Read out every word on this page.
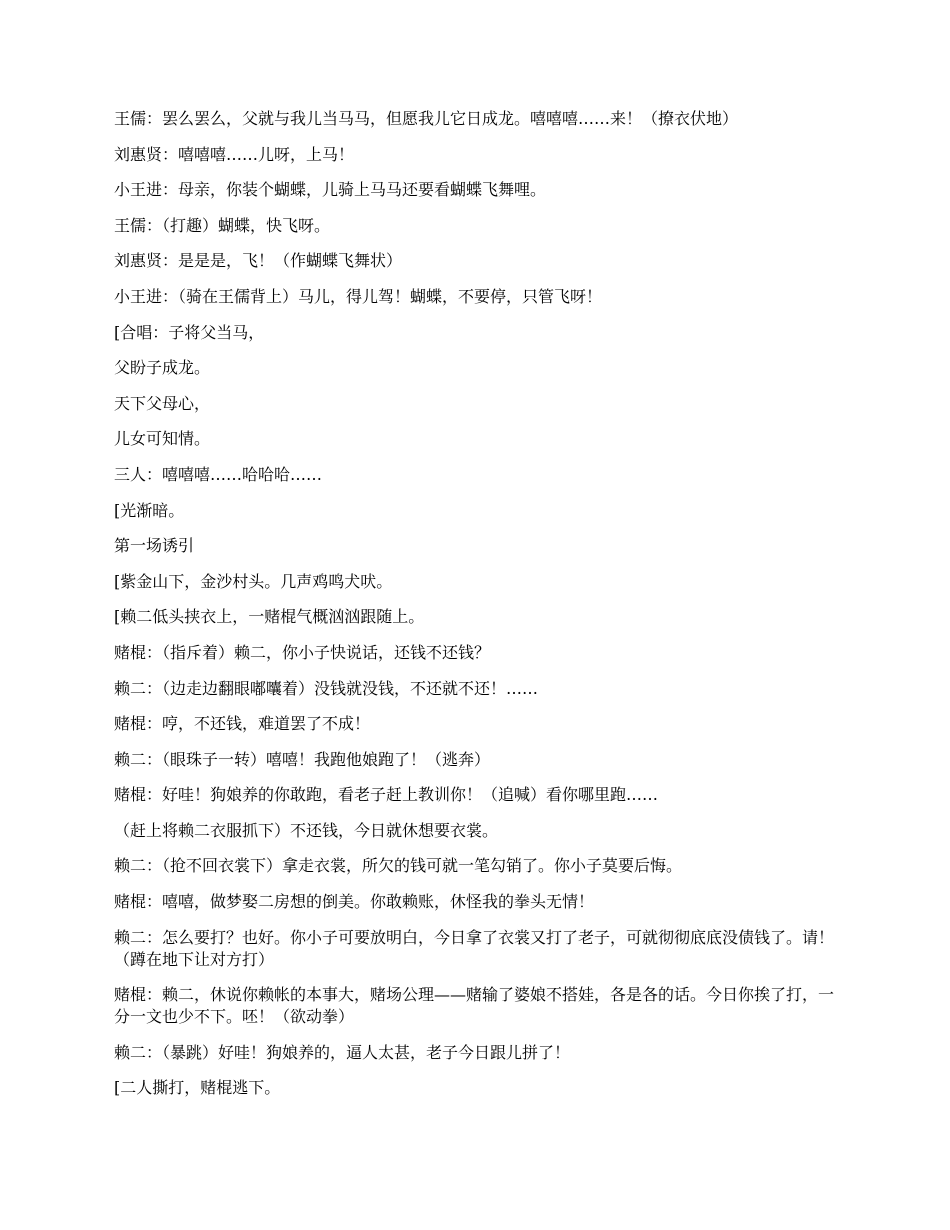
王儒：罢么罢么，父就与我儿当马马，但愿我儿它日成龙。嘻嘻嘻……来！（撩衣伏地）

刘惠贤：嘻嘻嘻……儿呀，上马！

小王进：母亲，你装个蝴蝶，儿骑上马马还要看蝴蝶飞舞哩。

王儒：（打趣）蝴蝶，快飞呀。

刘惠贤：是是是，飞！（作蝴蝶飞舞状）

小王进：（骑在王儒背上）马儿，得儿驾！蝴蝶，不要停，只管飞呀！

[合唱：子将父当马，

父盼子成龙。

天下父母心，

儿女可知情。

三人：嘻嘻嘻……哈哈哈……

[光渐暗。

第一场诱引

[紫金山下，金沙村头。几声鸡鸣犬吠。

[赖二低头挟衣上，一赌棍气概汹汹跟随上。

赌棍：（指斥着）赖二，你小子快说话，还钱不还钱？

赖二：（边走边翻眼嘟囔着）没钱就没钱，不还就不还！……

赌棍：哼，不还钱，难道罢了不成！

赖二：（眼珠子一转）嘻嘻！我跑他娘跑了！（逃奔）

赌棍：好哇！狗娘养的你敢跑，看老子赶上教训你！（追喊）看你哪里跑……

（赶上将赖二衣服抓下）不还钱，今日就休想要衣裳。

赖二：（抢不回衣裳下）拿走衣裳，所欠的钱可就一笔勾销了。你小子莫要后悔。

赌棍：嘻嘻，做梦娶二房想的倒美。你敢赖账，休怪我的拳头无情！

赖二：怎么要打？也好。你小子可要放明白，今日拿了衣裳又打了老子，可就彻彻底底没债钱了。请！（蹲在地下让对方打）

赌棍：赖二，休说你赖帐的本事大，赌场公理——赌输了婆娘不搭娃，各是各的话。今日你挨了打，一分一文也少不下。呸！（欲动拳）

赖二：（暴跳）好哇！狗娘养的，逼人太甚，老子今日跟儿拼了！

[二人撕打，赌棍逃下。
